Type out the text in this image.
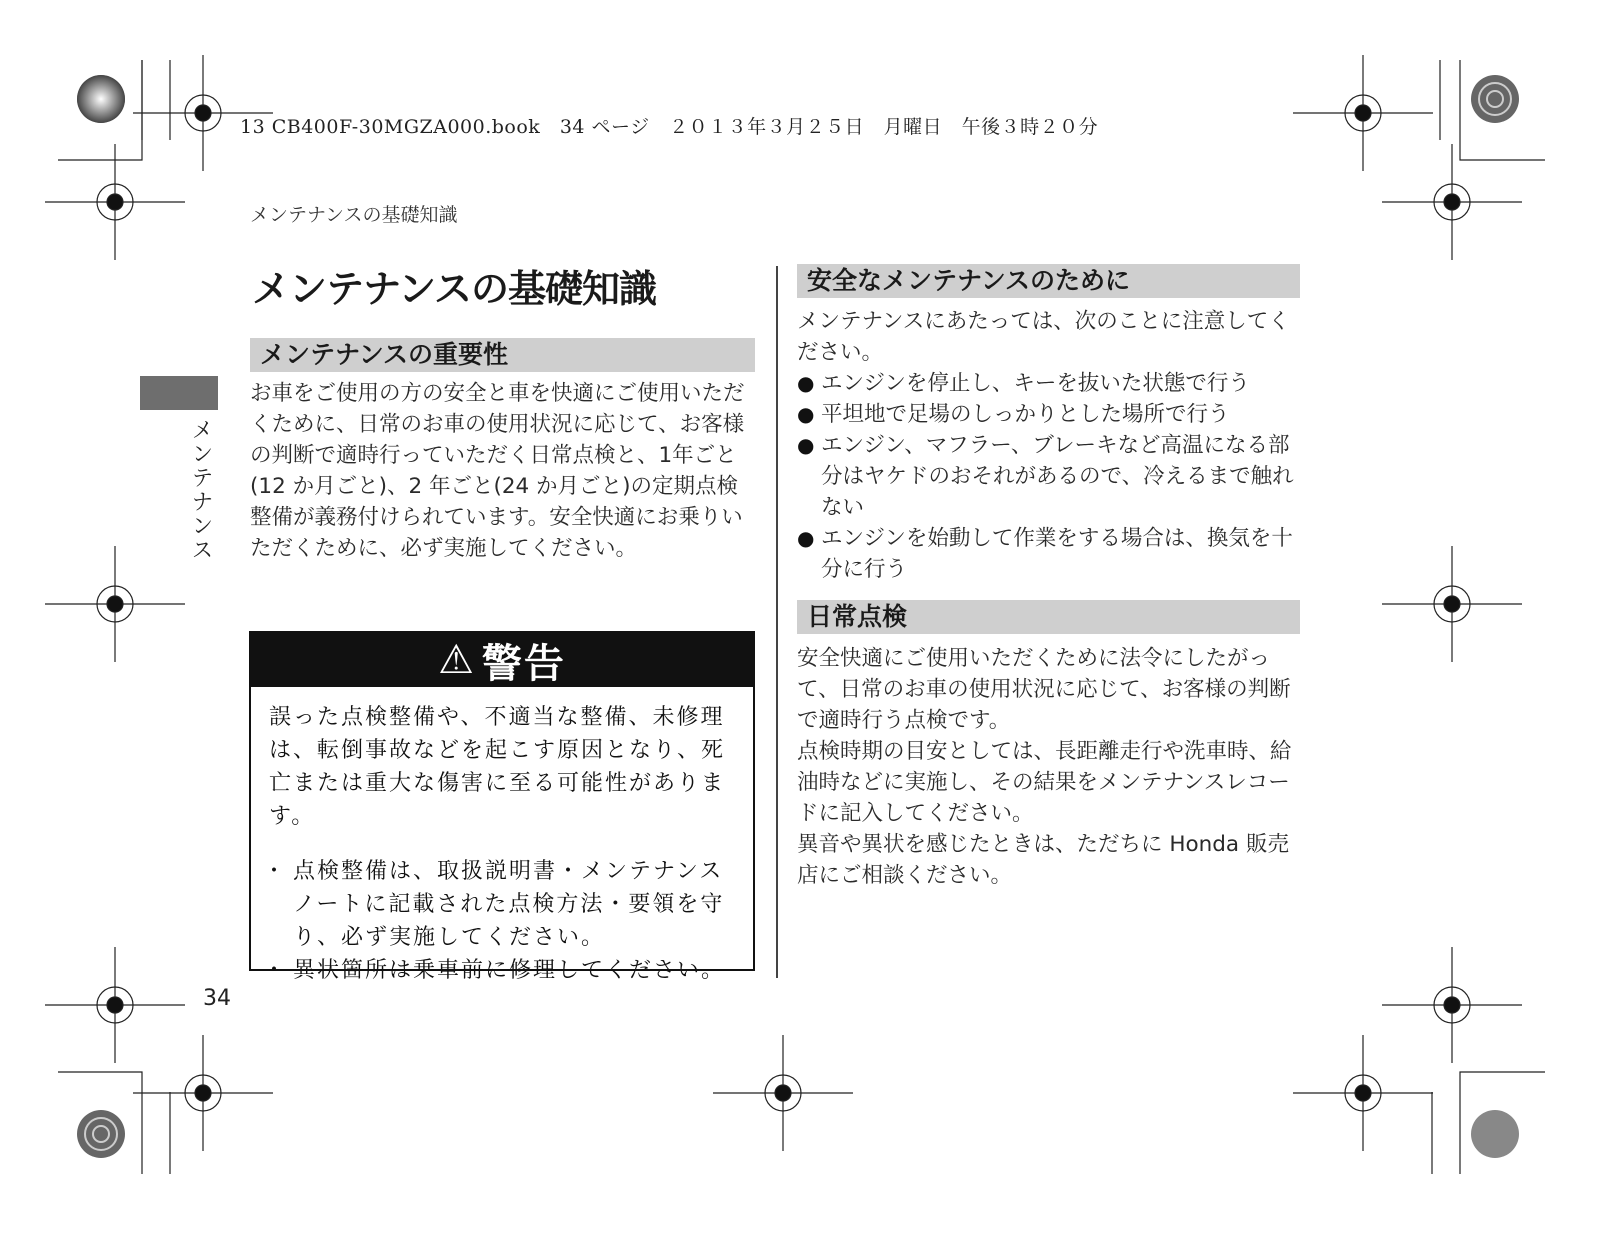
13 CB400F-30MGZA000.book　34 ページ　２０１３年３月２５日　月曜日　午後３時２０分
メンテナンスの基礎知識
メンテナンス
メンテナンスの基礎知識
メンテナンスの重要性

お車をご使用の方の安全と車を快適にご使用いただくために、日常のお車の使用状況に応じて、お客様の判断で適時行っていただく日常点検と、1年ごと(12 か月ごと)、2 年ごと(24 か月ごと)の定期点検整備が義務付けられています。安全快適にお乗りいただくために、必ず実施してください。

⚠ 警告

誤った点検整備や、不適当な整備、未修理は、転倒事故などを起こす原因となり、死亡または重大な傷害に至る可能性があります。

・ 点検整備は、取扱説明書・メンテナンスノートに記載された点検方法・要領を守り、必ず実施してください。
・ 異状箇所は乗車前に修理してください。
安全なメンテナンスのために

メンテナンスにあたっては、次のことに注意してください。

● エンジンを停止し、キーを抜いた状態で行う
● 平坦地で足場のしっかりとした場所で行う
● エンジン、マフラー、ブレーキなど高温になる部分はヤケドのおそれがあるので、冷えるまで触れない
● エンジンを始動して作業をする場合は、換気を十分に行う
日常点検

安全快適にご使用いただくために法令にしたがって、日常のお車の使用状況に応じて、お客様の判断で適時行う点検です。

点検時期の目安としては、長距離走行や洗車時、給油時などに実施し、その結果をメンテナンスレコードに記入してください。

異音や異状を感じたときは、ただちに Honda 販売店にご相談ください。

34
